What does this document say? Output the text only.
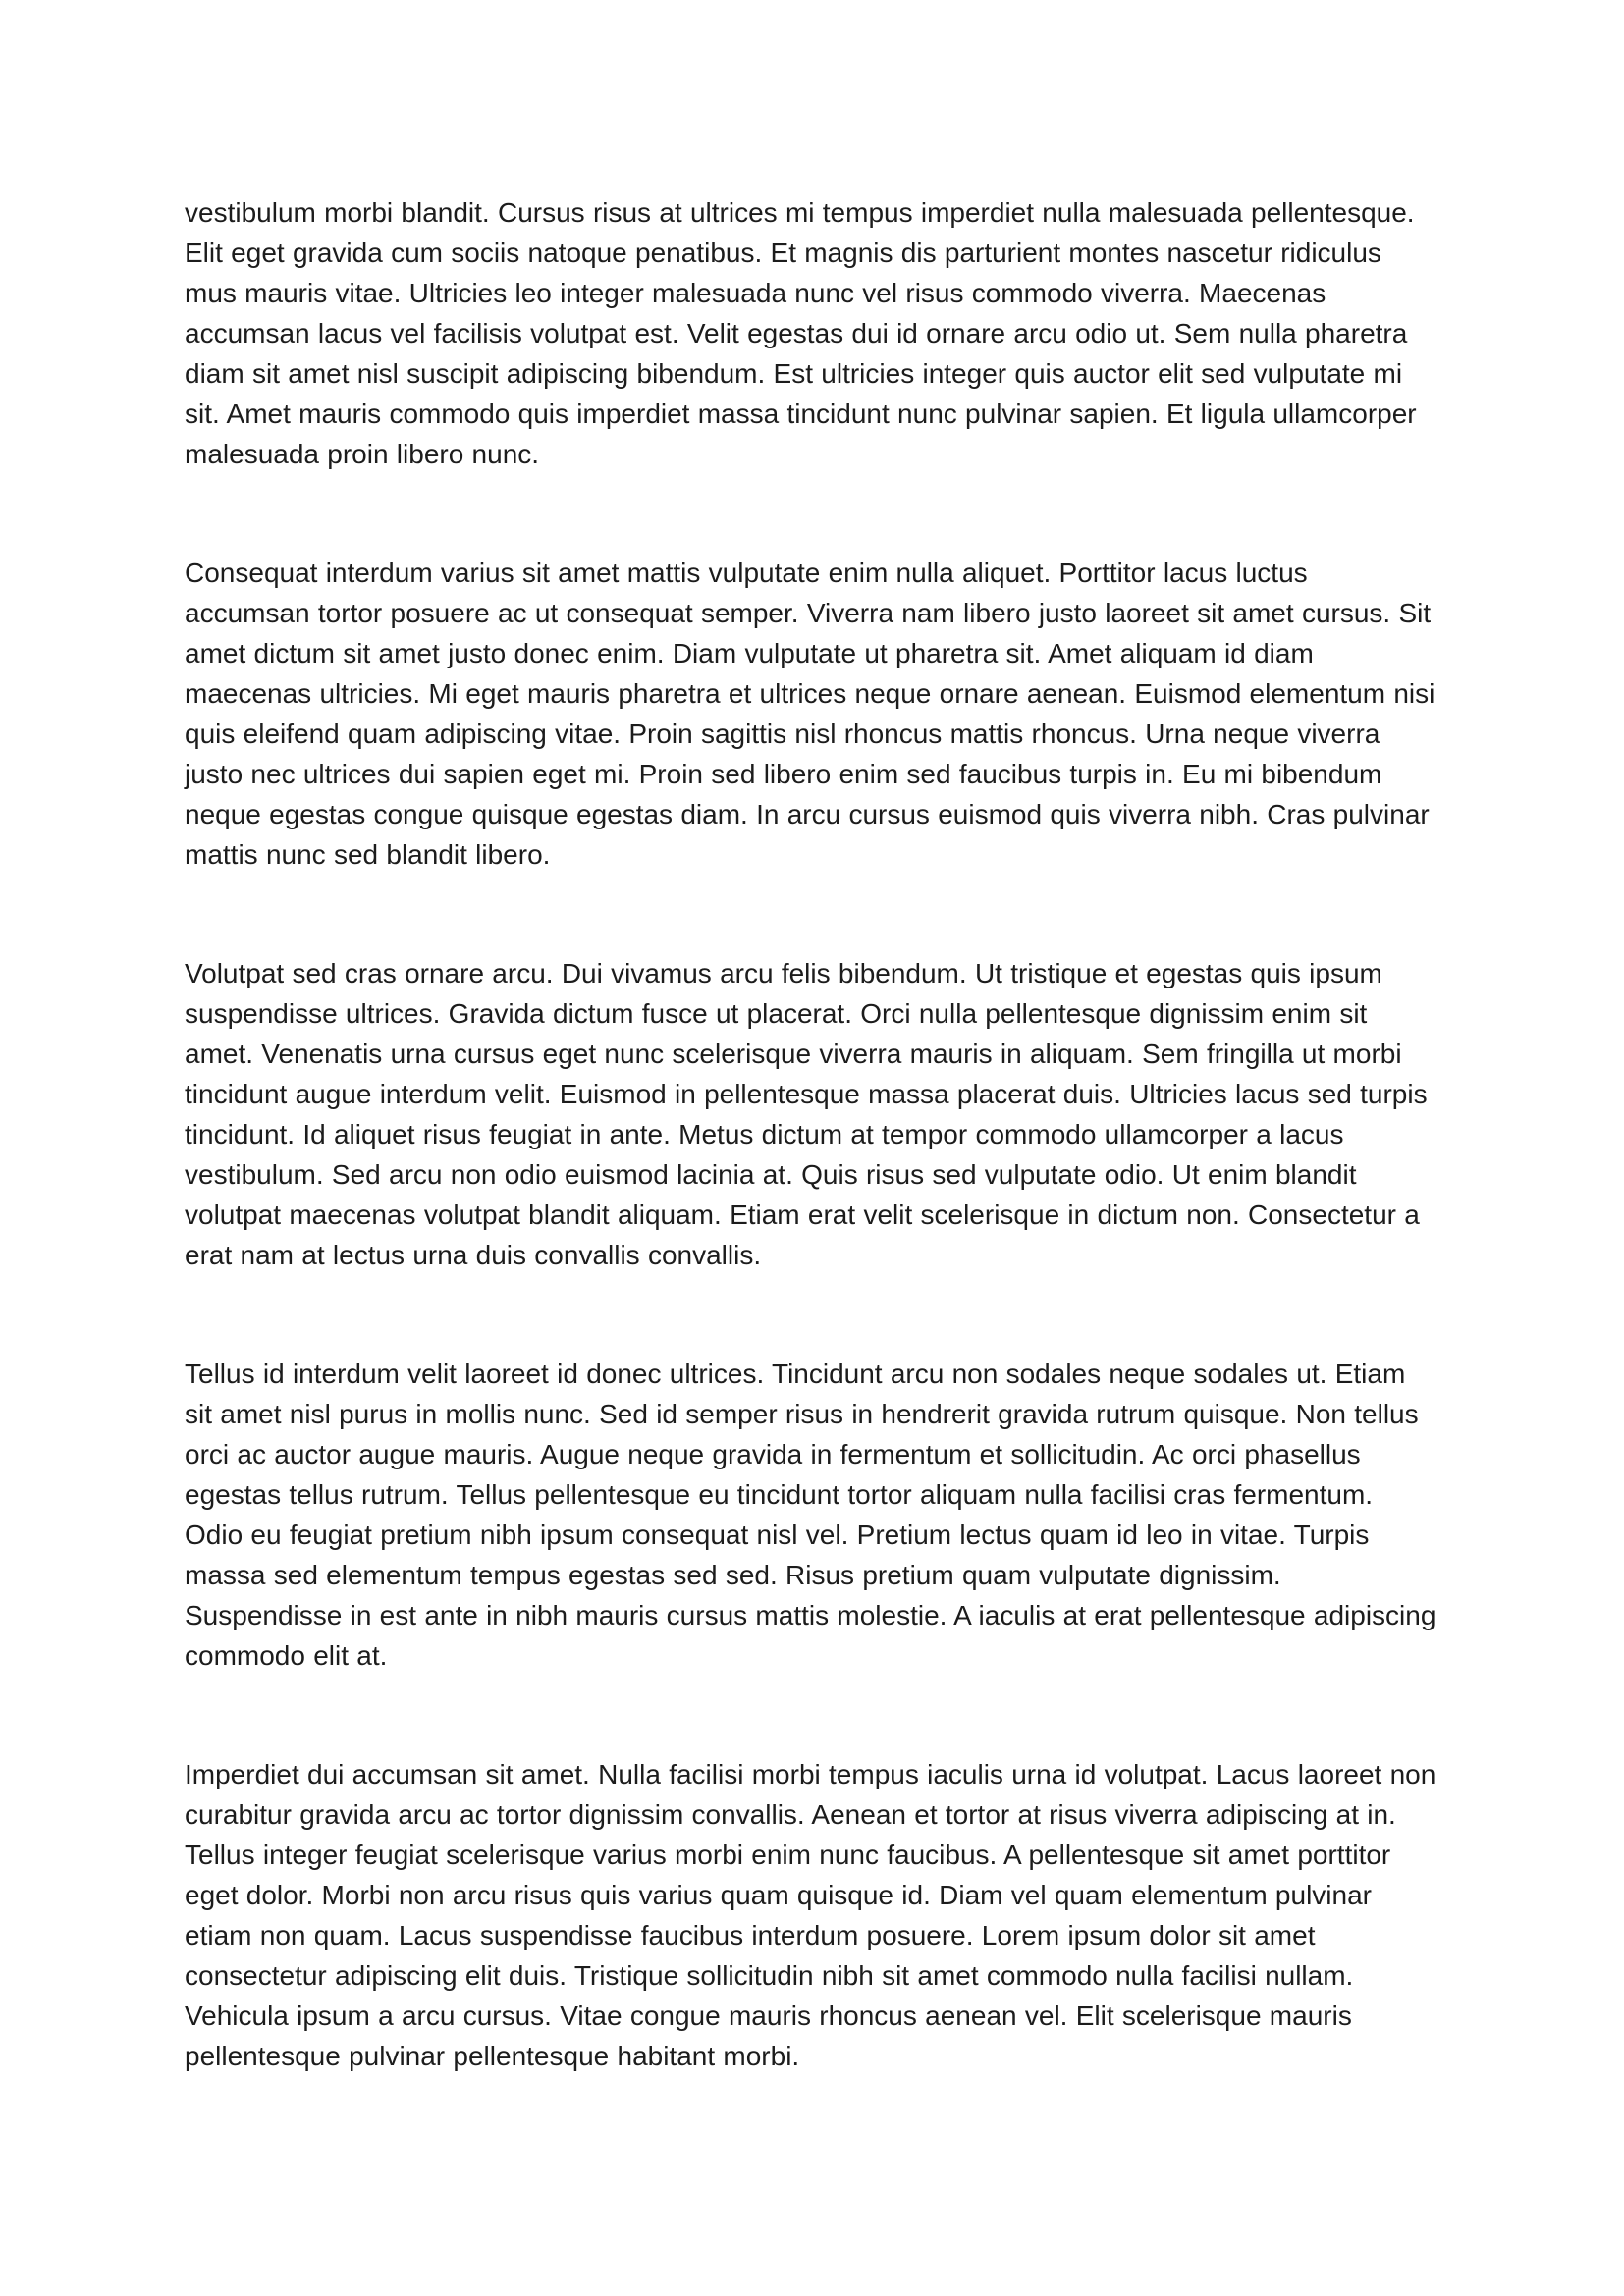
vestibulum morbi blandit. Cursus risus at ultrices mi tempus imperdiet nulla malesuada pellentesque. Elit eget gravida cum sociis natoque penatibus. Et magnis dis parturient montes nascetur ridiculus mus mauris vitae. Ultricies leo integer malesuada nunc vel risus commodo viverra. Maecenas accumsan lacus vel facilisis volutpat est. Velit egestas dui id ornare arcu odio ut. Sem nulla pharetra diam sit amet nisl suscipit adipiscing bibendum. Est ultricies integer quis auctor elit sed vulputate mi sit. Amet mauris commodo quis imperdiet massa tincidunt nunc pulvinar sapien. Et ligula ullamcorper malesuada proin libero nunc.

Consequat interdum varius sit amet mattis vulputate enim nulla aliquet. Porttitor lacus luctus accumsan tortor posuere ac ut consequat semper. Viverra nam libero justo laoreet sit amet cursus. Sit amet dictum sit amet justo donec enim. Diam vulputate ut pharetra sit. Amet aliquam id diam maecenas ultricies. Mi eget mauris pharetra et ultrices neque ornare aenean. Euismod elementum nisi quis eleifend quam adipiscing vitae. Proin sagittis nisl rhoncus mattis rhoncus. Urna neque viverra justo nec ultrices dui sapien eget mi. Proin sed libero enim sed faucibus turpis in. Eu mi bibendum neque egestas congue quisque egestas diam. In arcu cursus euismod quis viverra nibh. Cras pulvinar mattis nunc sed blandit libero.

Volutpat sed cras ornare arcu. Dui vivamus arcu felis bibendum. Ut tristique et egestas quis ipsum suspendisse ultrices. Gravida dictum fusce ut placerat. Orci nulla pellentesque dignissim enim sit amet. Venenatis urna cursus eget nunc scelerisque viverra mauris in aliquam. Sem fringilla ut morbi tincidunt augue interdum velit. Euismod in pellentesque massa placerat duis. Ultricies lacus sed turpis tincidunt. Id aliquet risus feugiat in ante. Metus dictum at tempor commodo ullamcorper a lacus vestibulum. Sed arcu non odio euismod lacinia at. Quis risus sed vulputate odio. Ut enim blandit volutpat maecenas volutpat blandit aliquam. Etiam erat velit scelerisque in dictum non. Consectetur a erat nam at lectus urna duis convallis convallis.

Tellus id interdum velit laoreet id donec ultrices. Tincidunt arcu non sodales neque sodales ut. Etiam sit amet nisl purus in mollis nunc. Sed id semper risus in hendrerit gravida rutrum quisque. Non tellus orci ac auctor augue mauris. Augue neque gravida in fermentum et sollicitudin. Ac orci phasellus egestas tellus rutrum. Tellus pellentesque eu tincidunt tortor aliquam nulla facilisi cras fermentum. Odio eu feugiat pretium nibh ipsum consequat nisl vel. Pretium lectus quam id leo in vitae. Turpis massa sed elementum tempus egestas sed sed. Risus pretium quam vulputate dignissim. Suspendisse in est ante in nibh mauris cursus mattis molestie. A iaculis at erat pellentesque adipiscing commodo elit at.

Imperdiet dui accumsan sit amet. Nulla facilisi morbi tempus iaculis urna id volutpat. Lacus laoreet non curabitur gravida arcu ac tortor dignissim convallis. Aenean et tortor at risus viverra adipiscing at in. Tellus integer feugiat scelerisque varius morbi enim nunc faucibus. A pellentesque sit amet porttitor eget dolor. Morbi non arcu risus quis varius quam quisque id. Diam vel quam elementum pulvinar etiam non quam. Lacus suspendisse faucibus interdum posuere. Lorem ipsum dolor sit amet consectetur adipiscing elit duis. Tristique sollicitudin nibh sit amet commodo nulla facilisi nullam. Vehicula ipsum a arcu cursus. Vitae congue mauris rhoncus aenean vel. Elit scelerisque mauris pellentesque pulvinar pellentesque habitant morbi.
